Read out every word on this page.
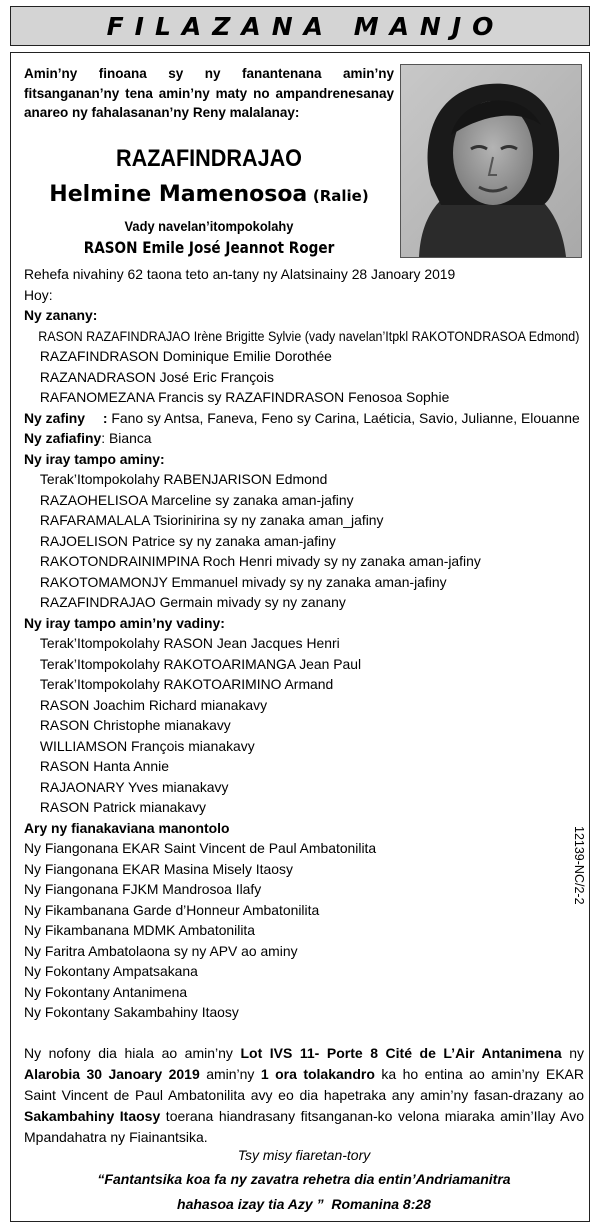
FILAZANA MANJO
Amin’ny finoana sy ny fanantenana amin’ny fitsanganan’ny tena amin’ny maty no ampandrenesanay anareo ny fahalasanan’ny Reny malalanay:
RAZAFINDRAJAO
Helmine Mamenosoa (Ralie)
Vady navelan’itompokolahy
RASON Emile José Jeannot Roger
Rehefa nivahiny 62 taona teto an-tany ny Alatsinainy 28 Janoary 2019
Hoy:
Ny zanany:
RASON RAZAFINDRAJAO Irène Brigitte Sylvie (vady navelan’Itpkl RAKOTONDRASOA Edmond)
RAZAFINDRASON Dominique Emilie Dorothée
RAZANADRASON José Eric François
RAFANOMEZANA Francis sy RAZAFINDRASON Fenosoa Sophie
Ny zafiny : Fano sy Antsa, Faneva, Feno sy Carina, Laéticia, Savio, Julianne, Elouanne
Ny zafiafiny: Bianca
Ny iray tampo aminy:
Terak’Itompokolahy RABENJARISON Edmond
RAZAOHELISOA Marceline sy zanaka aman-jafiny
RAFARAMALALA Tsiorinirina sy ny zanaka aman_jafiny
RAJOELISON Patrice sy ny zanaka aman-jafiny
RAKOTONDRAINIMPINA Roch Henri mivady sy ny zanaka aman-jafiny
RAKOTOMAMONJY Emmanuel mivady sy ny zanaka aman-jafiny
RAZAFINDRAJAO Germain mivady sy ny zanany
Ny iray tampo amin’ny vadiny:
Terak’Itompokolahy RASON Jean Jacques Henri
Terak’Itompokolahy RAKOTOARIMANGA Jean Paul
Terak’Itompokolahy RAKOTOARIMINO Armand
RASON Joachim Richard mianakavy
RASON Christophe mianakavy
WILLIAMSON François mianakavy
RASON Hanta Annie
RAJAONARY Yves mianakavy
RASON Patrick mianakavy
Ary ny fianakaviana manontolo
Ny Fiangonana EKAR Saint Vincent de Paul Ambatonilita
Ny Fiangonana EKAR Masina Misely Itaosy
Ny Fiangonana FJKM Mandrosoa Ilafy
Ny Fikambanana Garde d’Honneur Ambatonilita
Ny Fikambanana MDMK Ambatonilita
Ny Faritra Ambatolaona sy ny APV ao aminy
Ny Fokontany Ampatsakana
Ny Fokontany Antanimena
Ny Fokontany Sakambahiny Itaosy
12139-NC/2-2
Ny nofony dia hiala ao amin’ny Lot IVS 11- Porte 8 Cité de L’Air Antanimena ny Alarobia 30 Janoary 2019 amin’ny 1 ora tolakandro ka ho entina ao amin’ny EKAR Saint Vincent de Paul Ambatonilita avy eo dia hapetraka any amin’ny fasan-drazany ao Sakambahiny Itaosy toerana hiandrasany fitsanganan-ko velona miaraka amin’Ilay Avo Mpandahatra ny Fiainantsika.
Tsy misy fiaretan-tory
“Fantantsika koa fa ny zavatra rehetra dia entin’Andriamanitra
hahasoa izay tia Azy ” Romanina 8:28
